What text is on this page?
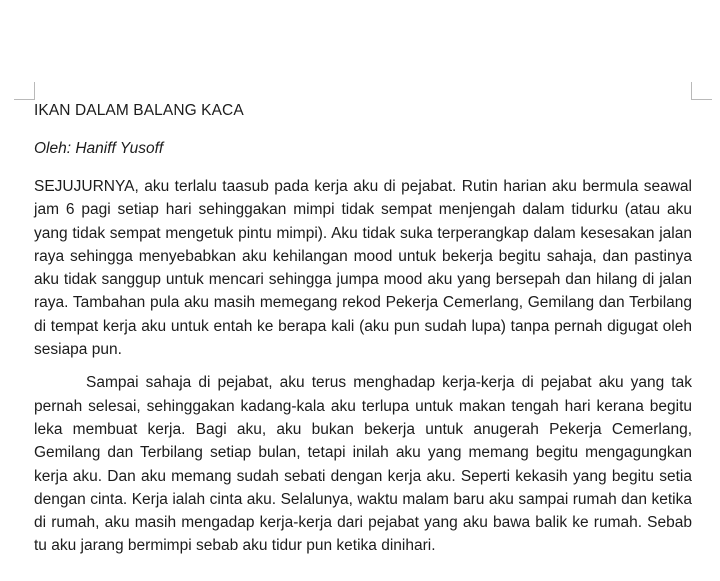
IKAN DALAM BALANG KACA

Oleh: Haniff Yusoff

SEJUJURNYA, aku terlalu taasub pada kerja aku di pejabat. Rutin harian aku bermula seawal jam 6 pagi setiap hari sehinggakan mimpi tidak sempat menjengah dalam tidurku (atau aku yang tidak sempat mengetuk pintu mimpi). Aku tidak suka terperangkap dalam kesesakan jalan raya sehingga menyebabkan aku kehilangan mood untuk bekerja begitu sahaja, dan pastinya aku tidak sanggup untuk mencari sehingga jumpa mood aku yang bersepah dan hilang di jalan raya. Tambahan pula aku masih memegang rekod Pekerja Cemerlang, Gemilang dan Terbilang di tempat kerja aku untuk entah ke berapa kali (aku pun sudah lupa) tanpa pernah digugat oleh sesiapa pun.

Sampai sahaja di pejabat, aku terus menghadap kerja-kerja di pejabat aku yang tak pernah selesai, sehinggakan kadang-kala aku terlupa untuk makan tengah hari kerana begitu leka membuat kerja. Bagi aku, aku bukan bekerja untuk anugerah Pekerja Cemerlang, Gemilang dan Terbilang setiap bulan, tetapi inilah aku yang memang begitu mengagungkan kerja aku. Dan aku memang sudah sebati dengan kerja aku. Seperti kekasih yang begitu setia dengan cinta. Kerja ialah cinta aku. Selalunya, waktu malam baru aku sampai rumah dan ketika di rumah, aku masih mengadap kerja-kerja dari pejabat yang aku bawa balik ke rumah. Sebab tu aku jarang bermimpi sebab aku tidur pun ketika dinihari.
